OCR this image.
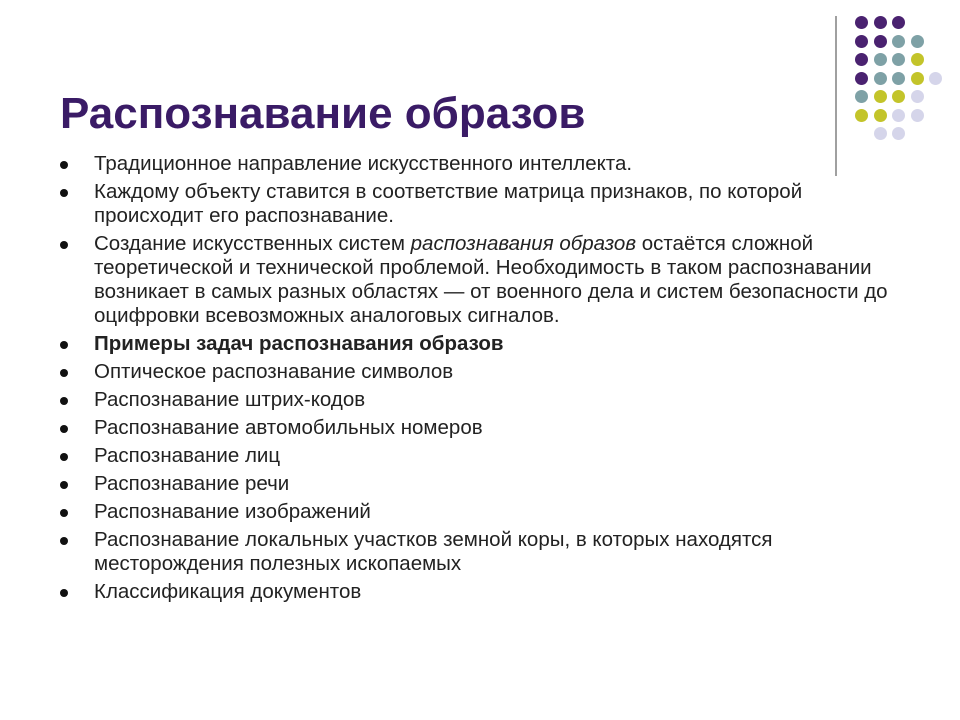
Распознавание образов
Традиционное направление искусственного интеллекта.
Каждому объекту ставится в соответствие матрица признаков, по которой происходит его распознавание.
Создание искусственных систем распознавания образов остаётся сложной теоретической и технической проблемой. Необходимость в таком распознавании возникает в самых разных областях — от военного дела и систем безопасности до оцифровки всевозможных аналоговых сигналов.
Примеры задач распознавания образов
Оптическое распознавание символов
Распознавание штрих-кодов
Распознавание автомобильных номеров
Распознавание лиц
Распознавание речи
Распознавание изображений
Распознавание локальных участков земной коры, в которых находятся месторождения полезных ископаемых
Классификация документов
